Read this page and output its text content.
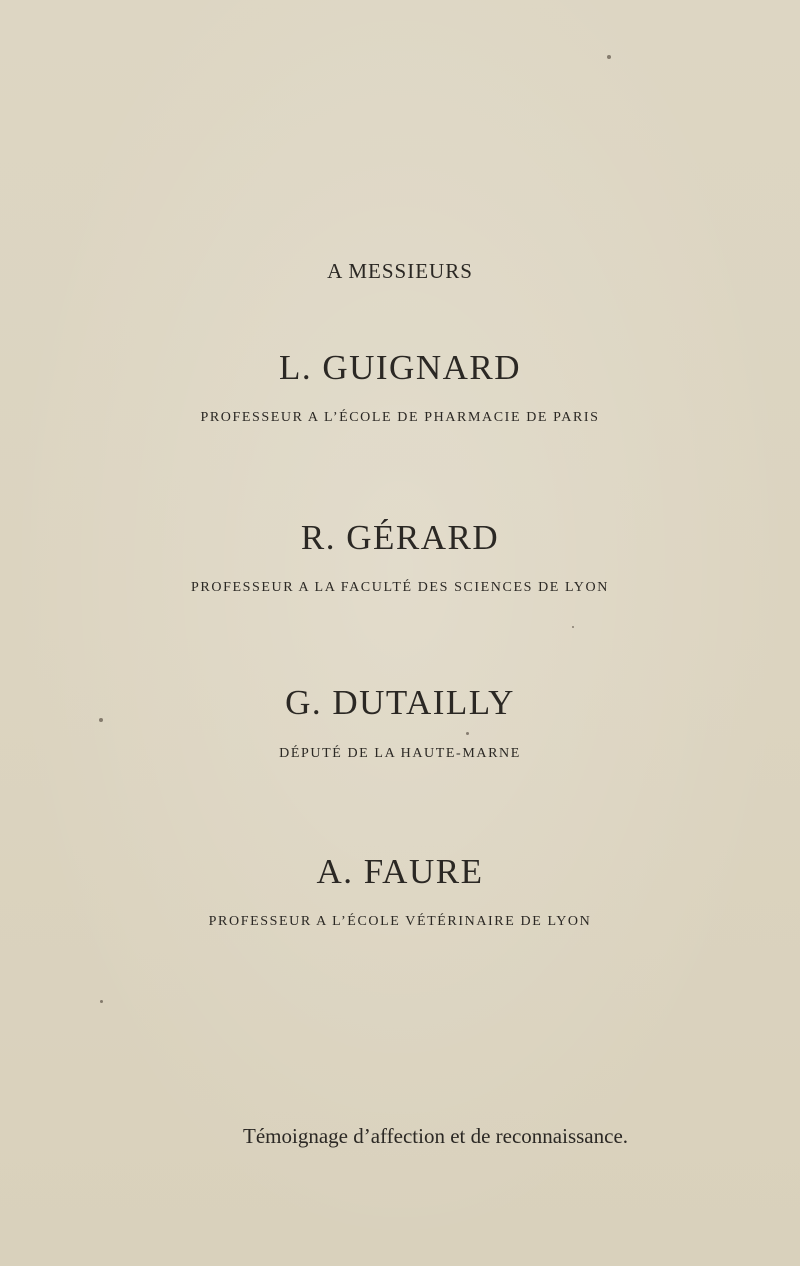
A MESSIEURS
L. GUIGNARD
PROFESSEUR A L’ÉCOLE DE PHARMACIE DE PARIS
R. GÉRARD
PROFESSEUR A LA FACULTÉ DES SCIENCES DE LYON
G. DUTAILLY
DÉPUTÉ DE LA HAUTE-MARNE
A. FAURE
PROFESSEUR A L’ÉCOLE VÉTÉRINAIRE DE LYON
Témoignage d’affection et de reconnaissance.
